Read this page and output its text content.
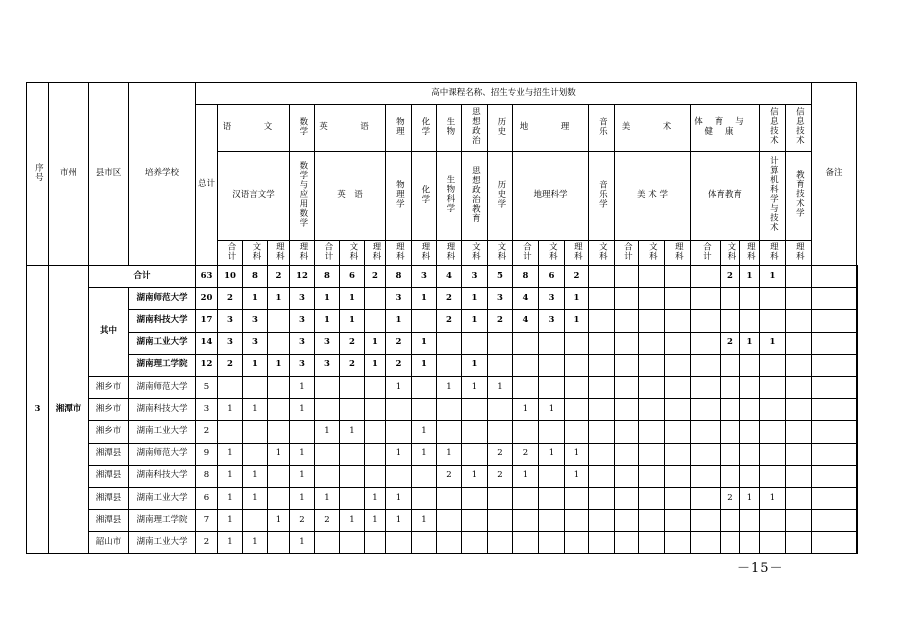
序号	市州	县市区	培养学校	高中课程名称、招生专业与招生计划数																									备注	
				总计	语　文			数学	英　语			物理	化学	生物	思想政治	历史	地　理			音乐	美　术			体育与健康			信息技术	信息技术		
					汉语言文学			数学与应用数学	英　语			物理学	化学	生物科学	思想政治教育	历史学	地理科学			音乐学	美 术 学			体育教育			计算机科学与技术	教育技术学		
					合计	文科	理科	理科	合计	文科	理科	理科	理科	理科	文科	文科	合计	文科	理科	文科	合计	文科	理科	合计	文科	理科	理科	理科		
3	湘潭市	合计		63	10	8	2	12	8	6	2	8	3	4	3	5	8	6	2						2	1	1			
		其中	湖南师范大学	20	2	1	1	3	1	1		3	1	2	1	3	4	3	1											
			湖南科技大学	17	3	3		3	1	1		1		2	1	2	4	3	1											
			湖南工业大学	14	3	3		3	3	2	1	2	1												2	1	1			
			湖南理工学院	12	2	1	1	3	3	2	1	2	1		1															
		湘乡市	湖南师范大学	5				1				1		1	1	1														
		湘乡市	湖南科技大学	3	1	1		1									1	1												
		湘乡市	湖南工业大学	2					1	1			1																	
		湘潭县	湖南师范大学	9	1		1	1				1	1	1		2	2	1	1											
		湘潭县	湖南科技大学	8	1	1		1						2	1	2	1		1											
		湘潭县	湖南工业大学	6	1	1		1	1		1	1													2	1	1			
		湘潭县	湖南理工学院	7	1		1	2	2	1	1	1	1																	
		韶山市	湖南工业大学	2	1	1		1																						
－15－
